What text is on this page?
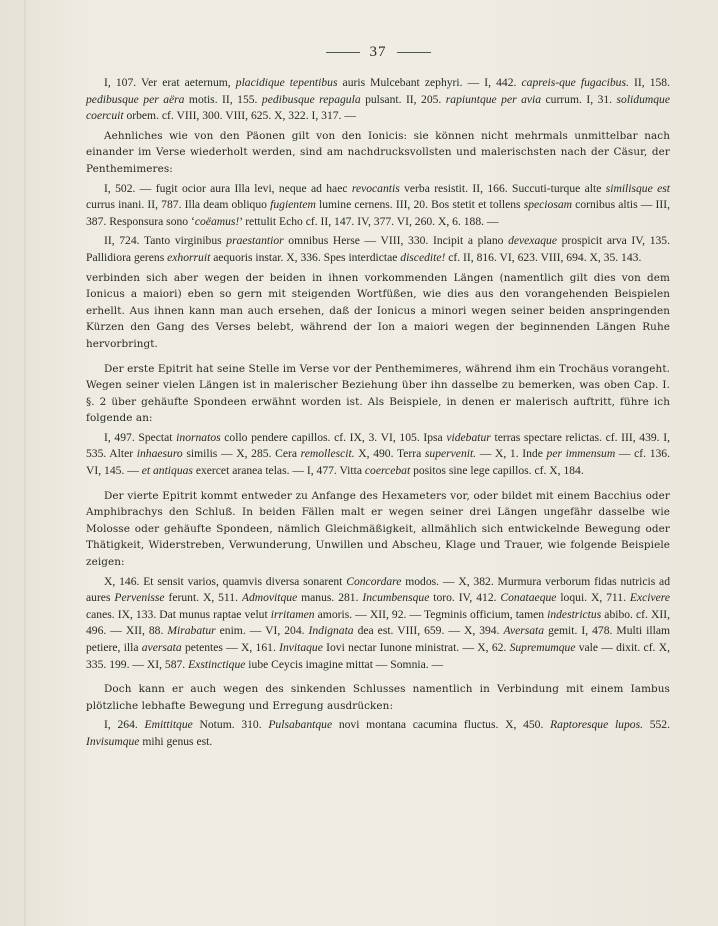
37
I, 107. Ver erat aeternum, placidique tepentibus auris Mulcebant zephyri. — I, 442. capreis-que fugacibus. II, 158. pedibusque per aëra motis. II, 155. pedibusque repagula pulsant. II, 205. rapiuntque per avia currum. I, 31. solidumque coercuit orbem. cf. VIII, 300. VIII, 625. X, 322. I, 317. —
Aehnliches wie von den Päonen gilt von den Ionicis: sie können nicht mehrmals unmittelbar nach einander im Verse wiederholt werden, sind am nachdrucksvollsten und malerischsten nach der Cäsur, der Penthemimeres:
I, 502. — fugit ocior aura Illa levi, neque ad haec revocantis verba resistit. II, 166. Succuti-turque alte similisque est currus inani. II, 787. Illa deam obliquo fugientem lumine cernens. III, 20. Bos stetit et tollens speciosam cornibus altis — III, 387. Responsura sono ‘coëamus!’ rettulit Echo cf. II, 147. IV, 377. VI, 260. X, 6. 188. —
II, 724. Tanto virginibus praestantior omnibus Herse — VIII, 330. Incipit a plano devexaque prospicit arva IV, 135. Pallidiora gerens exhorruit aequoris instar. X, 336. Spes interdictae discedite! cf. II, 816. VI, 623. VIII, 694. X, 35. 143.
verbinden sich aber wegen der beiden in ihnen vorkommenden Längen (namentlich gilt dies von dem Ionicus a maiori) eben so gern mit steigenden Wortfüßen, wie dies aus den vorangehenden Beispielen erhellt. Aus ihnen kann man auch ersehen, daß der Ionicus a minori wegen seiner beiden anspringenden Kürzen den Gang des Verses belebt, während der Ion a maiori wegen der beginnenden Längen Ruhe hervorbringt.
Der erste Epitrit hat seine Stelle im Verse vor der Penthemimeres, während ihm ein Trochäus vorangeht. Wegen seiner vielen Längen ist in malerischer Beziehung über ihn dasselbe zu bemerken, was oben Cap. I. §. 2 über gehäufte Spondeen erwähnt worden ist. Als Beispiele, in denen er malerisch auftritt, führe ich folgende an:
I, 497. Spectat inornatos collo pendere capillos. cf. IX, 3. VI, 105. Ipsa videbatur terras spectare relictas. cf. III, 439. I, 535. Alter inhaesuro similis — X, 285. Cera remollescit. X, 490. Terra supervenit. — X, 1. Inde per immensum — cf. 136. VI, 145. — et antiquas exercet aranea telas. — I, 477. Vitta coercebat positos sine lege capillos. cf. X, 184.
Der vierte Epitrit kommt entweder zu Anfange des Hexameters vor, oder bildet mit einem Bacchius oder Amphibrachys den Schluß. In beiden Fällen malt er wegen seiner drei Längen ungefähr dasselbe wie Molosse oder gehäufte Spondeen, nämlich Gleichmäßigkeit, allmählich sich entwickelnde Bewegung oder Thätigkeit, Widerstreben, Verwunderung, Unwillen und Abscheu, Klage und Trauer, wie folgende Beispiele zeigen:
X, 146. Et sensit varios, quamvis diversa sonarent Concordare modos. — X, 382. Murmura verborum fidas nutricis ad aures Pervenisse ferunt. X, 511. Admovitque manus. 281. Incumbensque toro. IV, 412. Conataeque loqui. X, 711. Excivere canes. IX, 133. Dat munus raptae velut irritamen amoris. — XII, 92. — Tegminis officium, tamen indestrictus abibo. cf. XII, 496. — XII, 88. Mirabatur enim. — VI, 204. Indignata dea est. VIII, 659. — X, 394. Aversata gemit. I, 478. Multi illam petiere, illa aversata petentes — X, 161. Invitaque Iovi nectar Iunone ministrat. — X, 62. Supremumque vale — dixit. cf. X, 335. 199. — XI, 587. Exstinctique iube Ceycis imagine mittat — Somnia. —
Doch kann er auch wegen des sinkenden Schlusses namentlich in Verbindung mit einem Iambus plötzliche lebhafte Bewegung und Erregung ausdrücken:
I, 264. Emittitque Notum. 310. Pulsabantque novi montana cacumina fluctus. X, 450. Raptoresque lupos. 552. Invisumque mihi genus est.
